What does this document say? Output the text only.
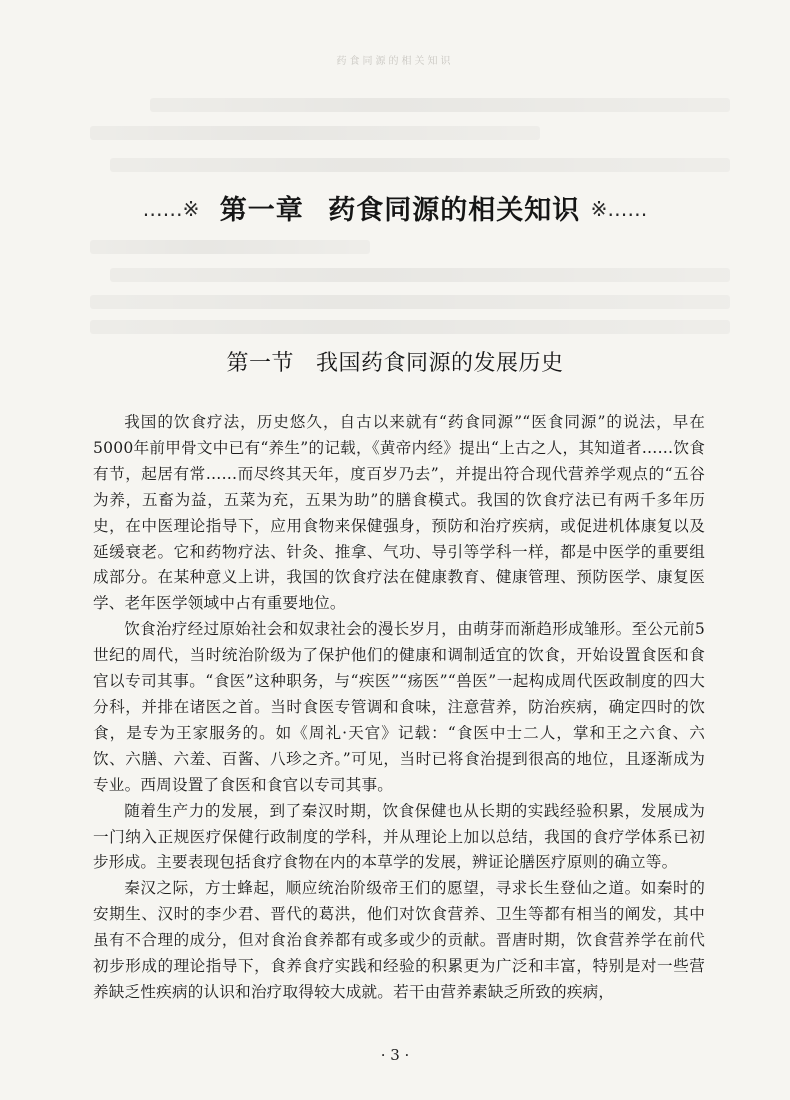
药食同源的相关知识
……※ 第一章 药食同源的相关知识 ※……
第一节 我国药食同源的发展历史

我国的饮食疗法，历史悠久，自古以来就有“药食同源”“医食同源”的说法，早在5000年前甲骨文中已有“养生”的记载，《黄帝内经》提出“上古之人，其知道者……饮食有节，起居有常……而尽终其天年，度百岁乃去”，并提出符合现代营养学观点的“五谷为养，五畜为益，五菜为充，五果为助”的膳食模式。我国的饮食疗法已有两千多年历史，在中医理论指导下，应用食物来保健强身，预防和治疗疾病，或促进机体康复以及延缓衰老。它和药物疗法、针灸、推拿、气功、导引等学科一样，都是中医学的重要组成部分。在某种意义上讲，我国的饮食疗法在健康教育、健康管理、预防医学、康复医学、老年医学领域中占有重要地位。

饮食治疗经过原始社会和奴隶社会的漫长岁月，由萌芽而渐趋形成雏形。至公元前5世纪的周代，当时统治阶级为了保护他们的健康和调制适宜的饮食，开始设置食医和食官以专司其事。“食医”这种职务，与“疾医”“疡医”“兽医”一起构成周代医政制度的四大分科，并排在诸医之首。当时食医专管调和食味，注意营养，防治疾病，确定四时的饮食，是专为王家服务的。如《周礼·天官》记载：“食医中士二人，掌和王之六食、六饮、六膳、六羞、百酱、八珍之齐。”可见，当时已将食治提到很高的地位，且逐渐成为专业。西周设置了食医和食官以专司其事。

随着生产力的发展，到了秦汉时期，饮食保健也从长期的实践经验积累，发展成为一门纳入正规医疗保健行政制度的学科，并从理论上加以总结，我国的食疗学体系已初步形成。主要表现包括食疗食物在内的本草学的发展，辨证论膳医疗原则的确立等。

秦汉之际，方士蜂起，顺应统治阶级帝王们的愿望，寻求长生登仙之道。如秦时的安期生、汉时的李少君、晋代的葛洪，他们对饮食营养、卫生等都有相当的阐发，其中虽有不合理的成分，但对食治食养都有或多或少的贡献。晋唐时期，饮食营养学在前代初步形成的理论指导下，食养食疗实践和经验的积累更为广泛和丰富，特别是对一些营养缺乏性疾病的认识和治疗取得较大成就。若干由营养素缺乏所致的疾病，

· 3 ·
